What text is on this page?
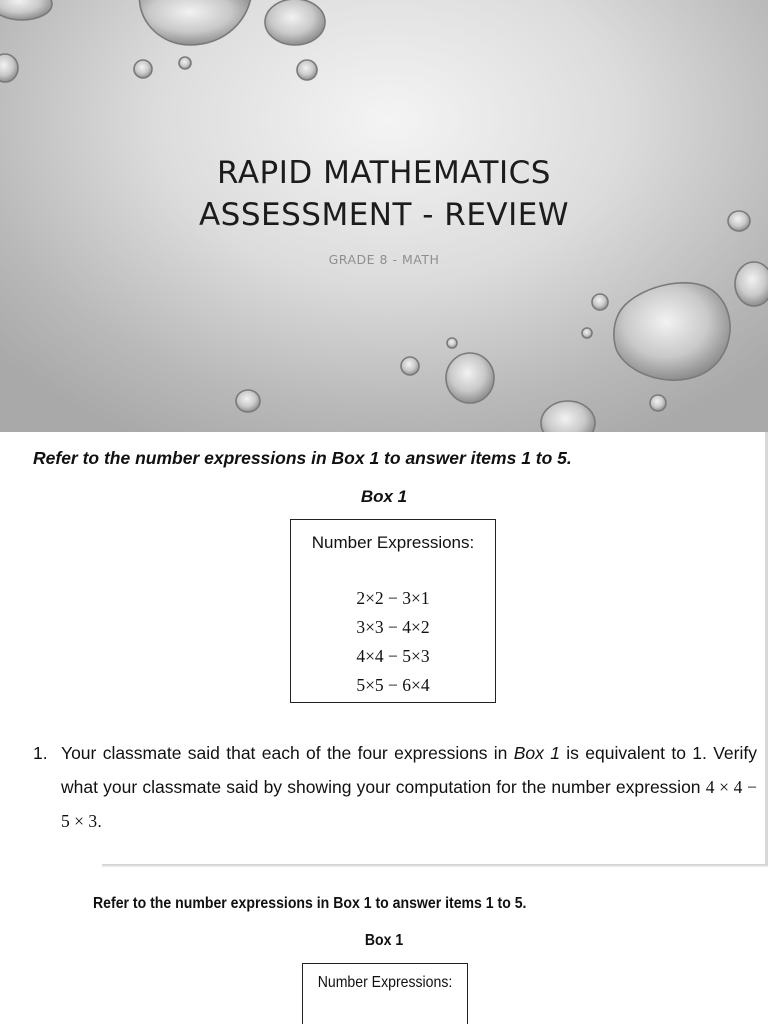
RAPID MATHEMATICS
ASSESSMENT - REVIEW
GRADE 8 - MATH
Refer to the number expressions in Box 1 to answer items 1 to 5.
Box 1
Number Expressions:
2×2 − 3×1
3×3 − 4×2
4×4 − 5×3
5×5 − 6×4
1. Your classmate said that each of the four expressions in Box 1 is equivalent to 1. Verify what your classmate said by showing your computation for the number expression 4 × 4 − 5 × 3.
Refer to the number expressions in Box 1 to answer items 1 to 5.
Box 1
Number Expressions:
